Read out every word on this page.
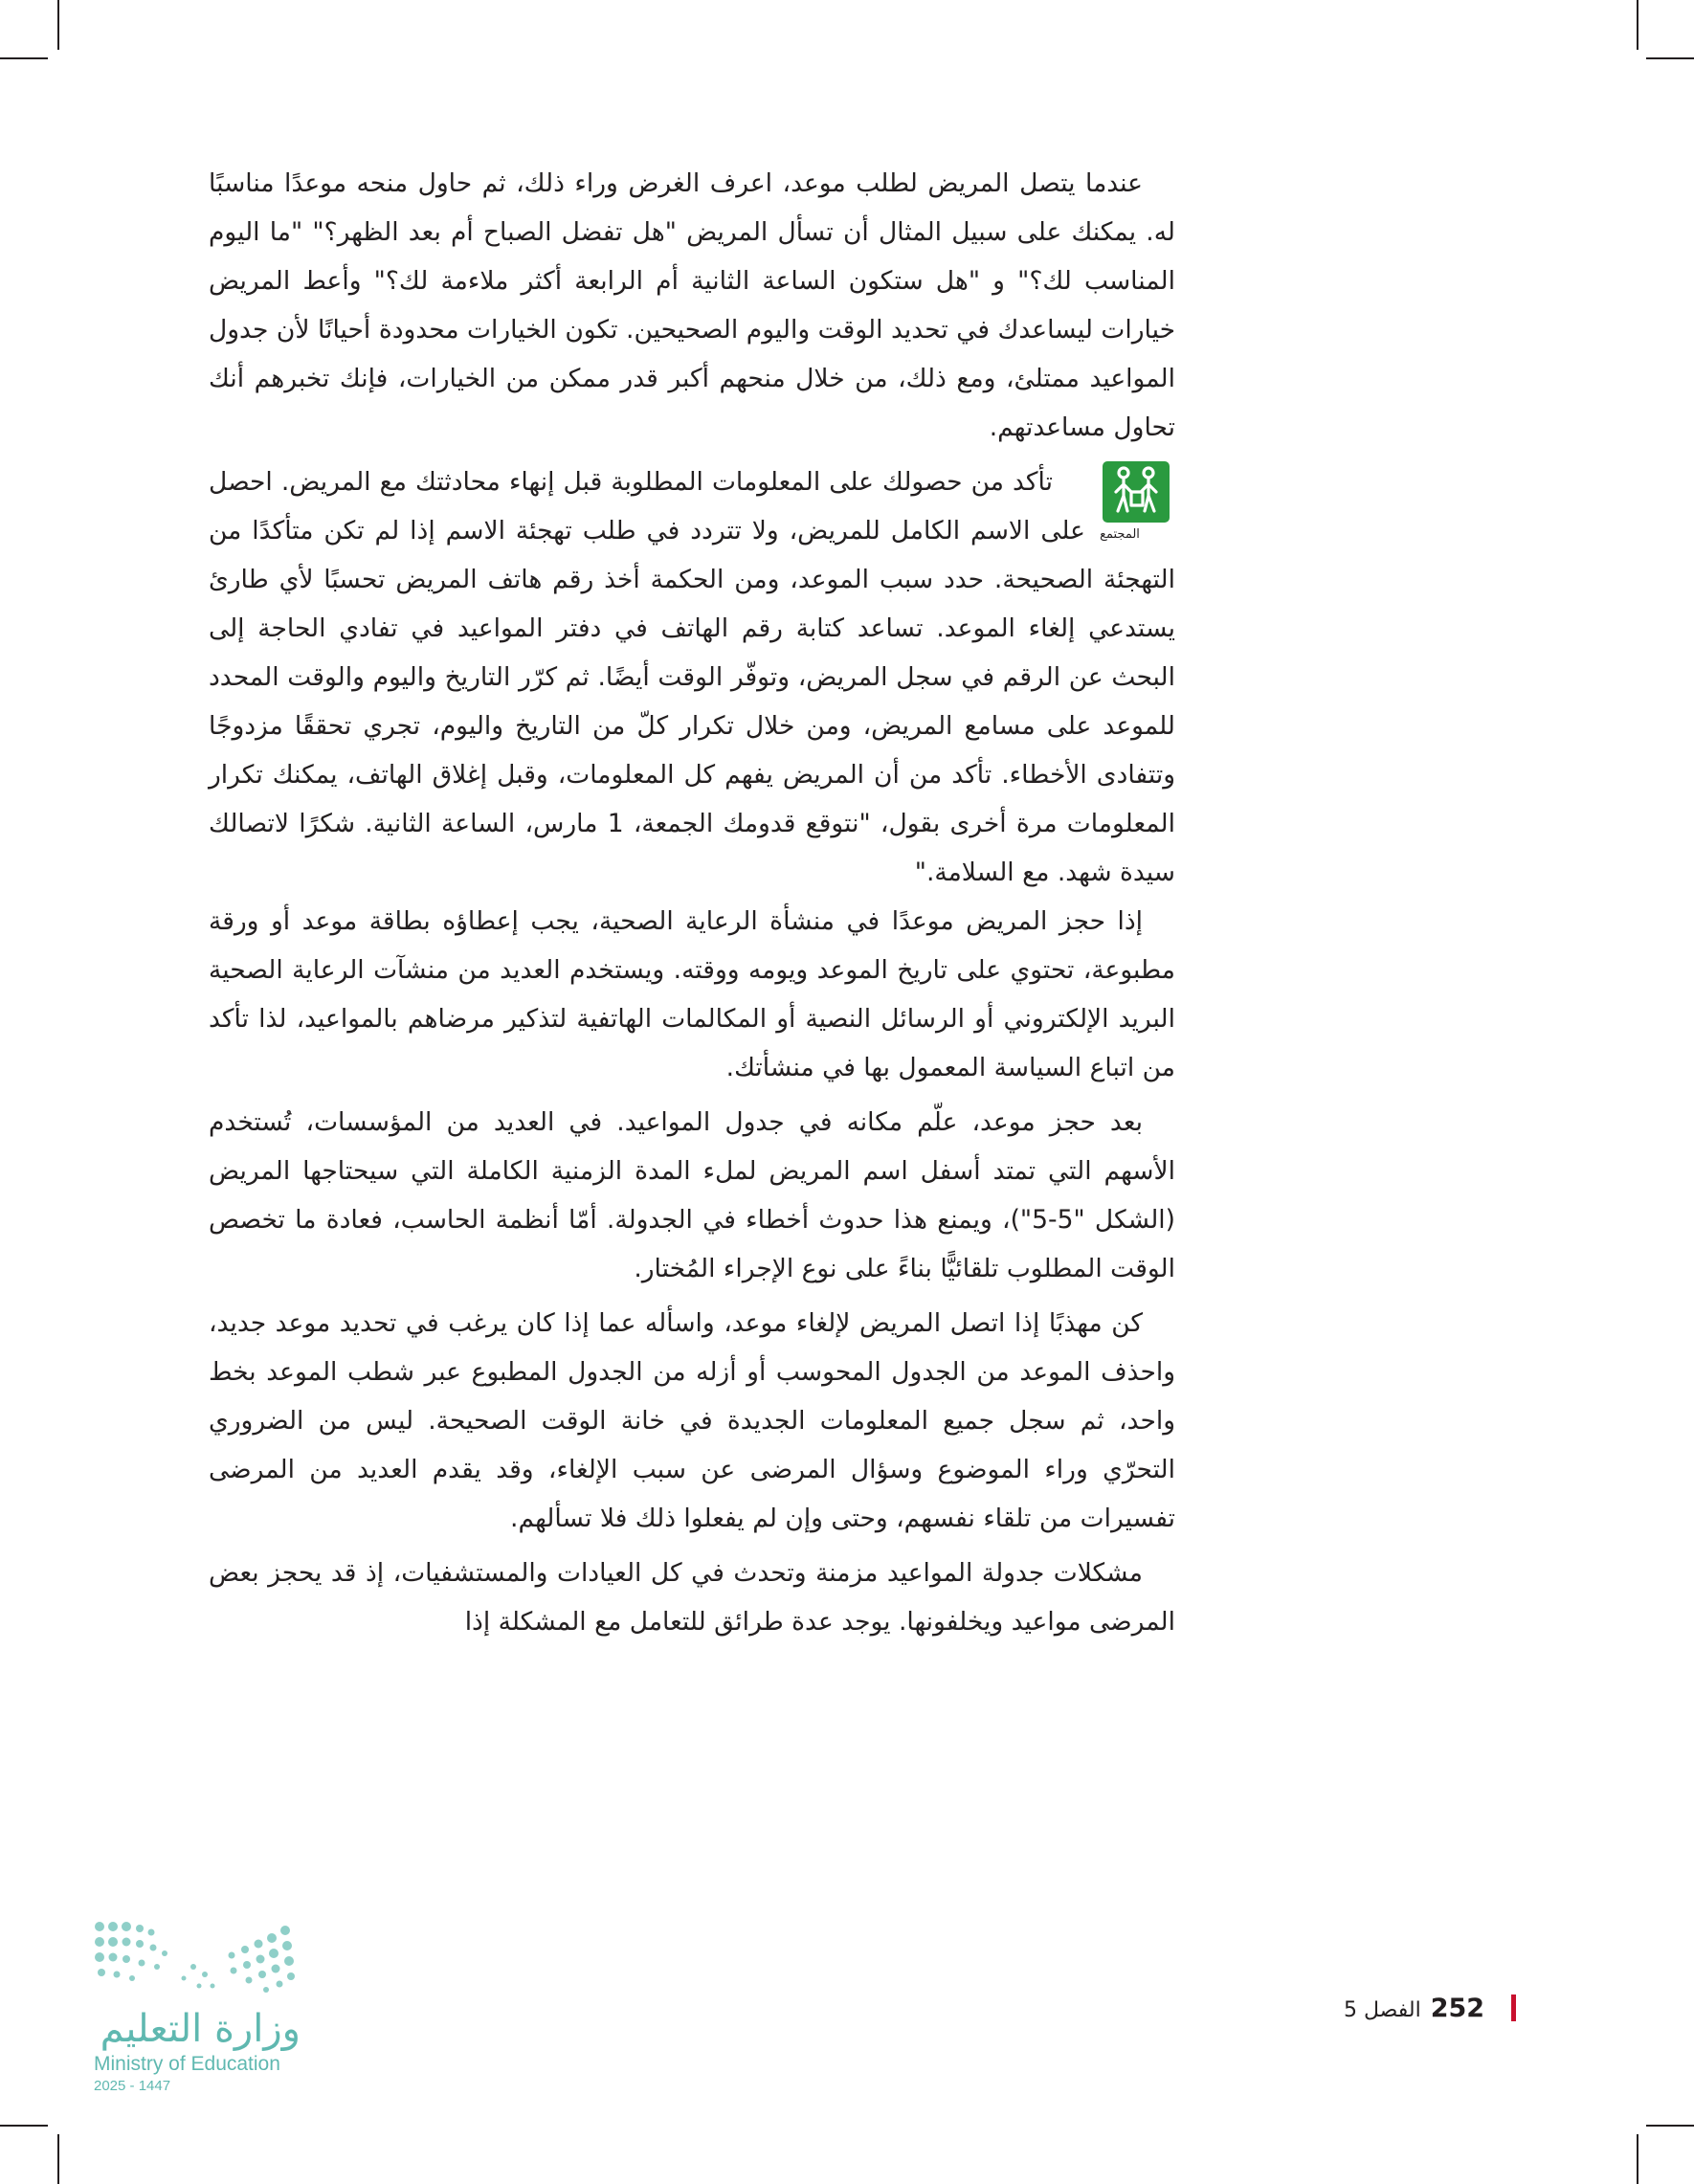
عندما يتصل المريض لطلب موعد، اعرف الغرض وراء ذلك، ثم حاول منحه موعدًا مناسبًا له. يمكنك على سبيل المثال أن تسأل المريض "هل تفضل الصباح أم بعد الظهر؟" "ما اليوم المناسب لك؟" و "هل ستكون الساعة الثانية أم الرابعة أكثر ملاءمة لك؟" وأعط المريض خيارات ليساعدك في تحديد الوقت واليوم الصحيحين. تكون الخيارات محدودة أحيانًا لأن جدول المواعيد ممتلئ، ومع ذلك، من خلال منحهم أكبر قدر ممكن من الخيارات، فإنك تخبرهم أنك تحاول مساعدتهم.

المجتمع
تأكد من حصولك على المعلومات المطلوبة قبل إنهاء محادثتك مع المريض. احصل على الاسم الكامل للمريض، ولا تتردد في طلب تهجئة الاسم إذا لم تكن متأكدًا من التهجئة الصحيحة. حدد سبب الموعد، ومن الحكمة أخذ رقم هاتف المريض تحسبًا لأي طارئ يستدعي إلغاء الموعد. تساعد كتابة رقم الهاتف في دفتر المواعيد في تفادي الحاجة إلى البحث عن الرقم في سجل المريض، وتوفّر الوقت أيضًا. ثم كرّر التاريخ واليوم والوقت المحدد للموعد على مسامع المريض، ومن خلال تكرار كلّ من التاريخ واليوم، تجري تحققًا مزدوجًا وتتفادى الأخطاء. تأكد من أن المريض يفهم كل المعلومات، وقبل إغلاق الهاتف، يمكنك تكرار المعلومات مرة أخرى بقول، "نتوقع قدومك الجمعة، 1 مارس، الساعة الثانية. شكرًا لاتصالك سيدة شهد. مع السلامة."

إذا حجز المريض موعدًا في منشأة الرعاية الصحية، يجب إعطاؤه بطاقة موعد أو ورقة مطبوعة، تحتوي على تاريخ الموعد ويومه ووقته. ويستخدم العديد من منشآت الرعاية الصحية البريد الإلكتروني أو الرسائل النصية أو المكالمات الهاتفية لتذكير مرضاهم بالمواعيد، لذا تأكد من اتباع السياسة المعمول بها في منشأتك.

بعد حجز موعد، علّم مكانه في جدول المواعيد. في العديد من المؤسسات، تُستخدم الأسهم التي تمتد أسفل اسم المريض لملء المدة الزمنية الكاملة التي سيحتاجها المريض (الشكل "5-5")، ويمنع هذا حدوث أخطاء في الجدولة. أمّا أنظمة الحاسب، فعادة ما تخصص الوقت المطلوب تلقائيًّا بناءً على نوع الإجراء المُختار.

كن مهذبًا إذا اتصل المريض لإلغاء موعد، واسأله عما إذا كان يرغب في تحديد موعد جديد، واحذف الموعد من الجدول المحوسب أو أزله من الجدول المطبوع عبر شطب الموعد بخط واحد، ثم سجل جميع المعلومات الجديدة في خانة الوقت الصحيحة. ليس من الضروري التحرّي وراء الموضوع وسؤال المرضى عن سبب الإلغاء، وقد يقدم العديد من المرضى تفسيرات من تلقاء نفسهم، وحتى وإن لم يفعلوا ذلك فلا تسألهم.

مشكلات جدولة المواعيد مزمنة وتحدث في كل العيادات والمستشفيات، إذ قد يحجز بعض المرضى مواعيد ويخلفونها. يوجد عدة طرائق للتعامل مع المشكلة إذا

وزارة التعليم
Ministry of Education
2025 - 1447
252
الفصل 5
